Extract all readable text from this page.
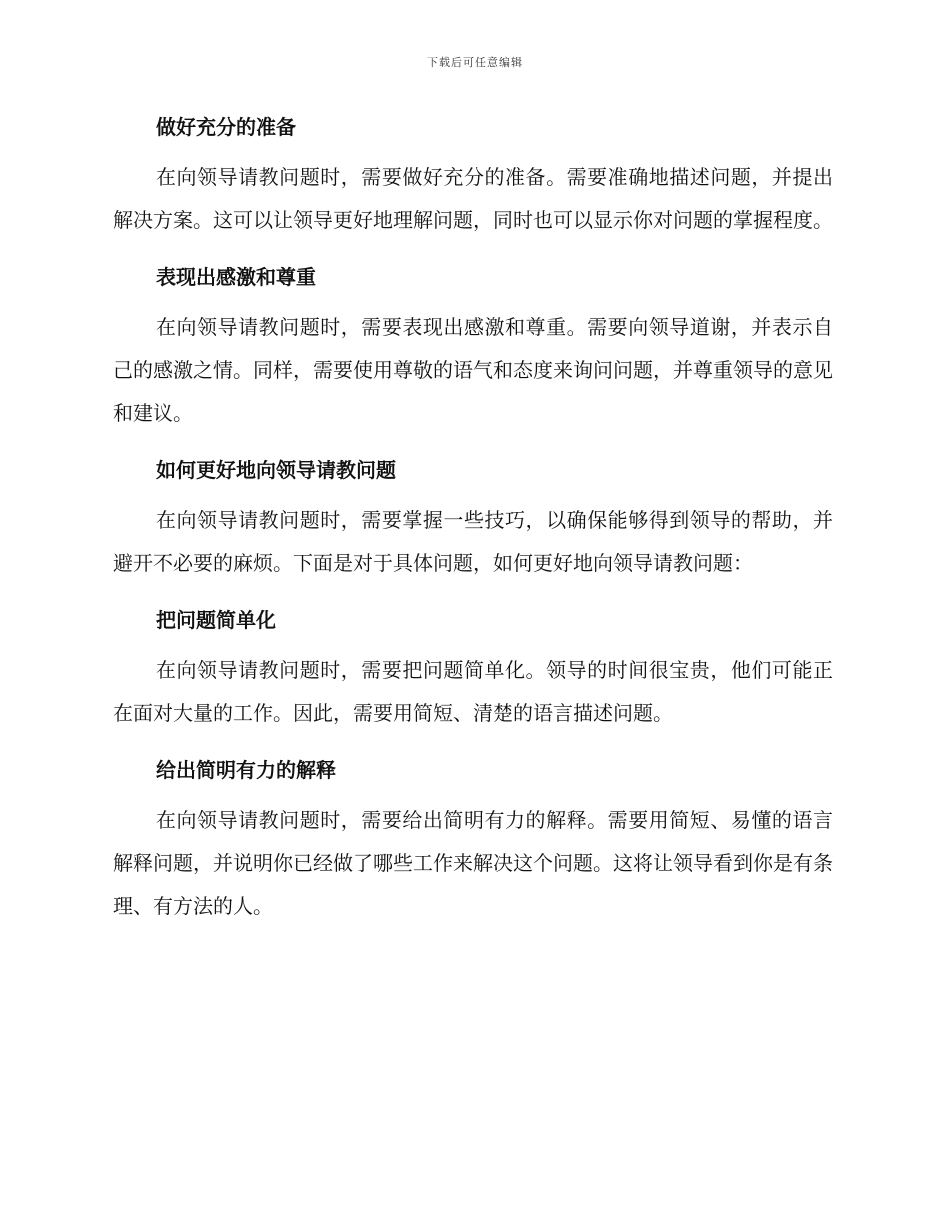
下载后可任意编辑
做好充分的准备

在向领导请教问题时，需要做好充分的准备。需要准确地描述问题，并提出解决方案。这可以让领导更好地理解问题，同时也可以显示你对问题的掌握程度。

表现出感激和尊重

在向领导请教问题时，需要表现出感激和尊重。需要向领导道谢，并表示自己的感激之情。同样，需要使用尊敬的语气和态度来询问问题，并尊重领导的意见和建议。

如何更好地向领导请教问题

在向领导请教问题时，需要掌握一些技巧，以确保能够得到领导的帮助，并避开不必要的麻烦。下面是对于具体问题，如何更好地向领导请教问题：

把问题简单化

在向领导请教问题时，需要把问题简单化。领导的时间很宝贵，他们可能正在面对大量的工作。因此，需要用简短、清楚的语言描述问题。

给出简明有力的解释

在向领导请教问题时，需要给出简明有力的解释。需要用简短、易懂的语言解释问题，并说明你已经做了哪些工作来解决这个问题。这将让领导看到你是有条理、有方法的人。
